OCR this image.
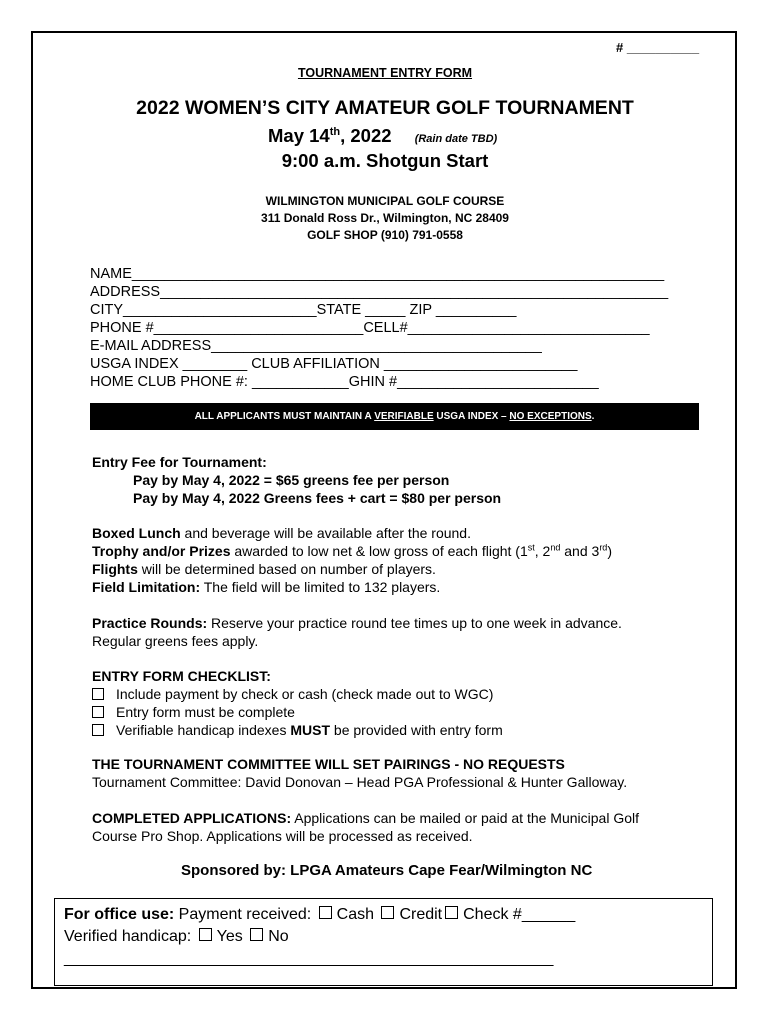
# __________
TOURNAMENT ENTRY FORM
2022 WOMEN’S CITY AMATEUR GOLF TOURNAMENT
May 14th, 2022 (Rain date TBD)
9:00 a.m. Shotgun Start
WILMINGTON MUNICIPAL GOLF COURSE
311 Donald Ross Dr., Wilmington, NC 28409
GOLF SHOP (910) 791-0558
NAME__________________________________________________________________
ADDRESS_______________________________________________________________
CITY________________________STATE _____ ZIP __________
PHONE #__________________________CELL#______________________________
E-MAIL ADDRESS_________________________________________
USGA INDEX ________ CLUB AFFILIATION ________________________
HOME CLUB PHONE #: ____________GHIN #_________________________
ALL APPLICANTS MUST MAINTAIN A VERIFIABLE USGA INDEX – NO EXCEPTIONS.
Entry Fee for Tournament:
Pay by May 4, 2022 = $65 greens fee per person
Pay by May 4, 2022 Greens fees + cart = $80 per person
Boxed Lunch and beverage will be available after the round.
Trophy and/or Prizes awarded to low net & low gross of each flight (1st, 2nd and 3rd)
Flights will be determined based on number of players.
Field Limitation: The field will be limited to 132 players.
Practice Rounds: Reserve your practice round tee times up to one week in advance.
Regular greens fees apply.
ENTRY FORM CHECKLIST:
Include payment by check or cash (check made out to WGC)
Entry form must be complete
Verifiable handicap indexes MUST be provided with entry form
THE TOURNAMENT COMMITTEE WILL SET PAIRINGS - NO REQUESTS
Tournament Committee: David Donovan – Head PGA Professional & Hunter Galloway.
COMPLETED APPLICATIONS: Applications can be mailed or paid at the Municipal Golf
Course Pro Shop. Applications will be processed as received.
Sponsored by: LPGA Amateurs Cape Fear/Wilmington NC
For office use: Payment received: Cash Credit Check #______
Verified handicap: Yes No
_______________________________________________________
